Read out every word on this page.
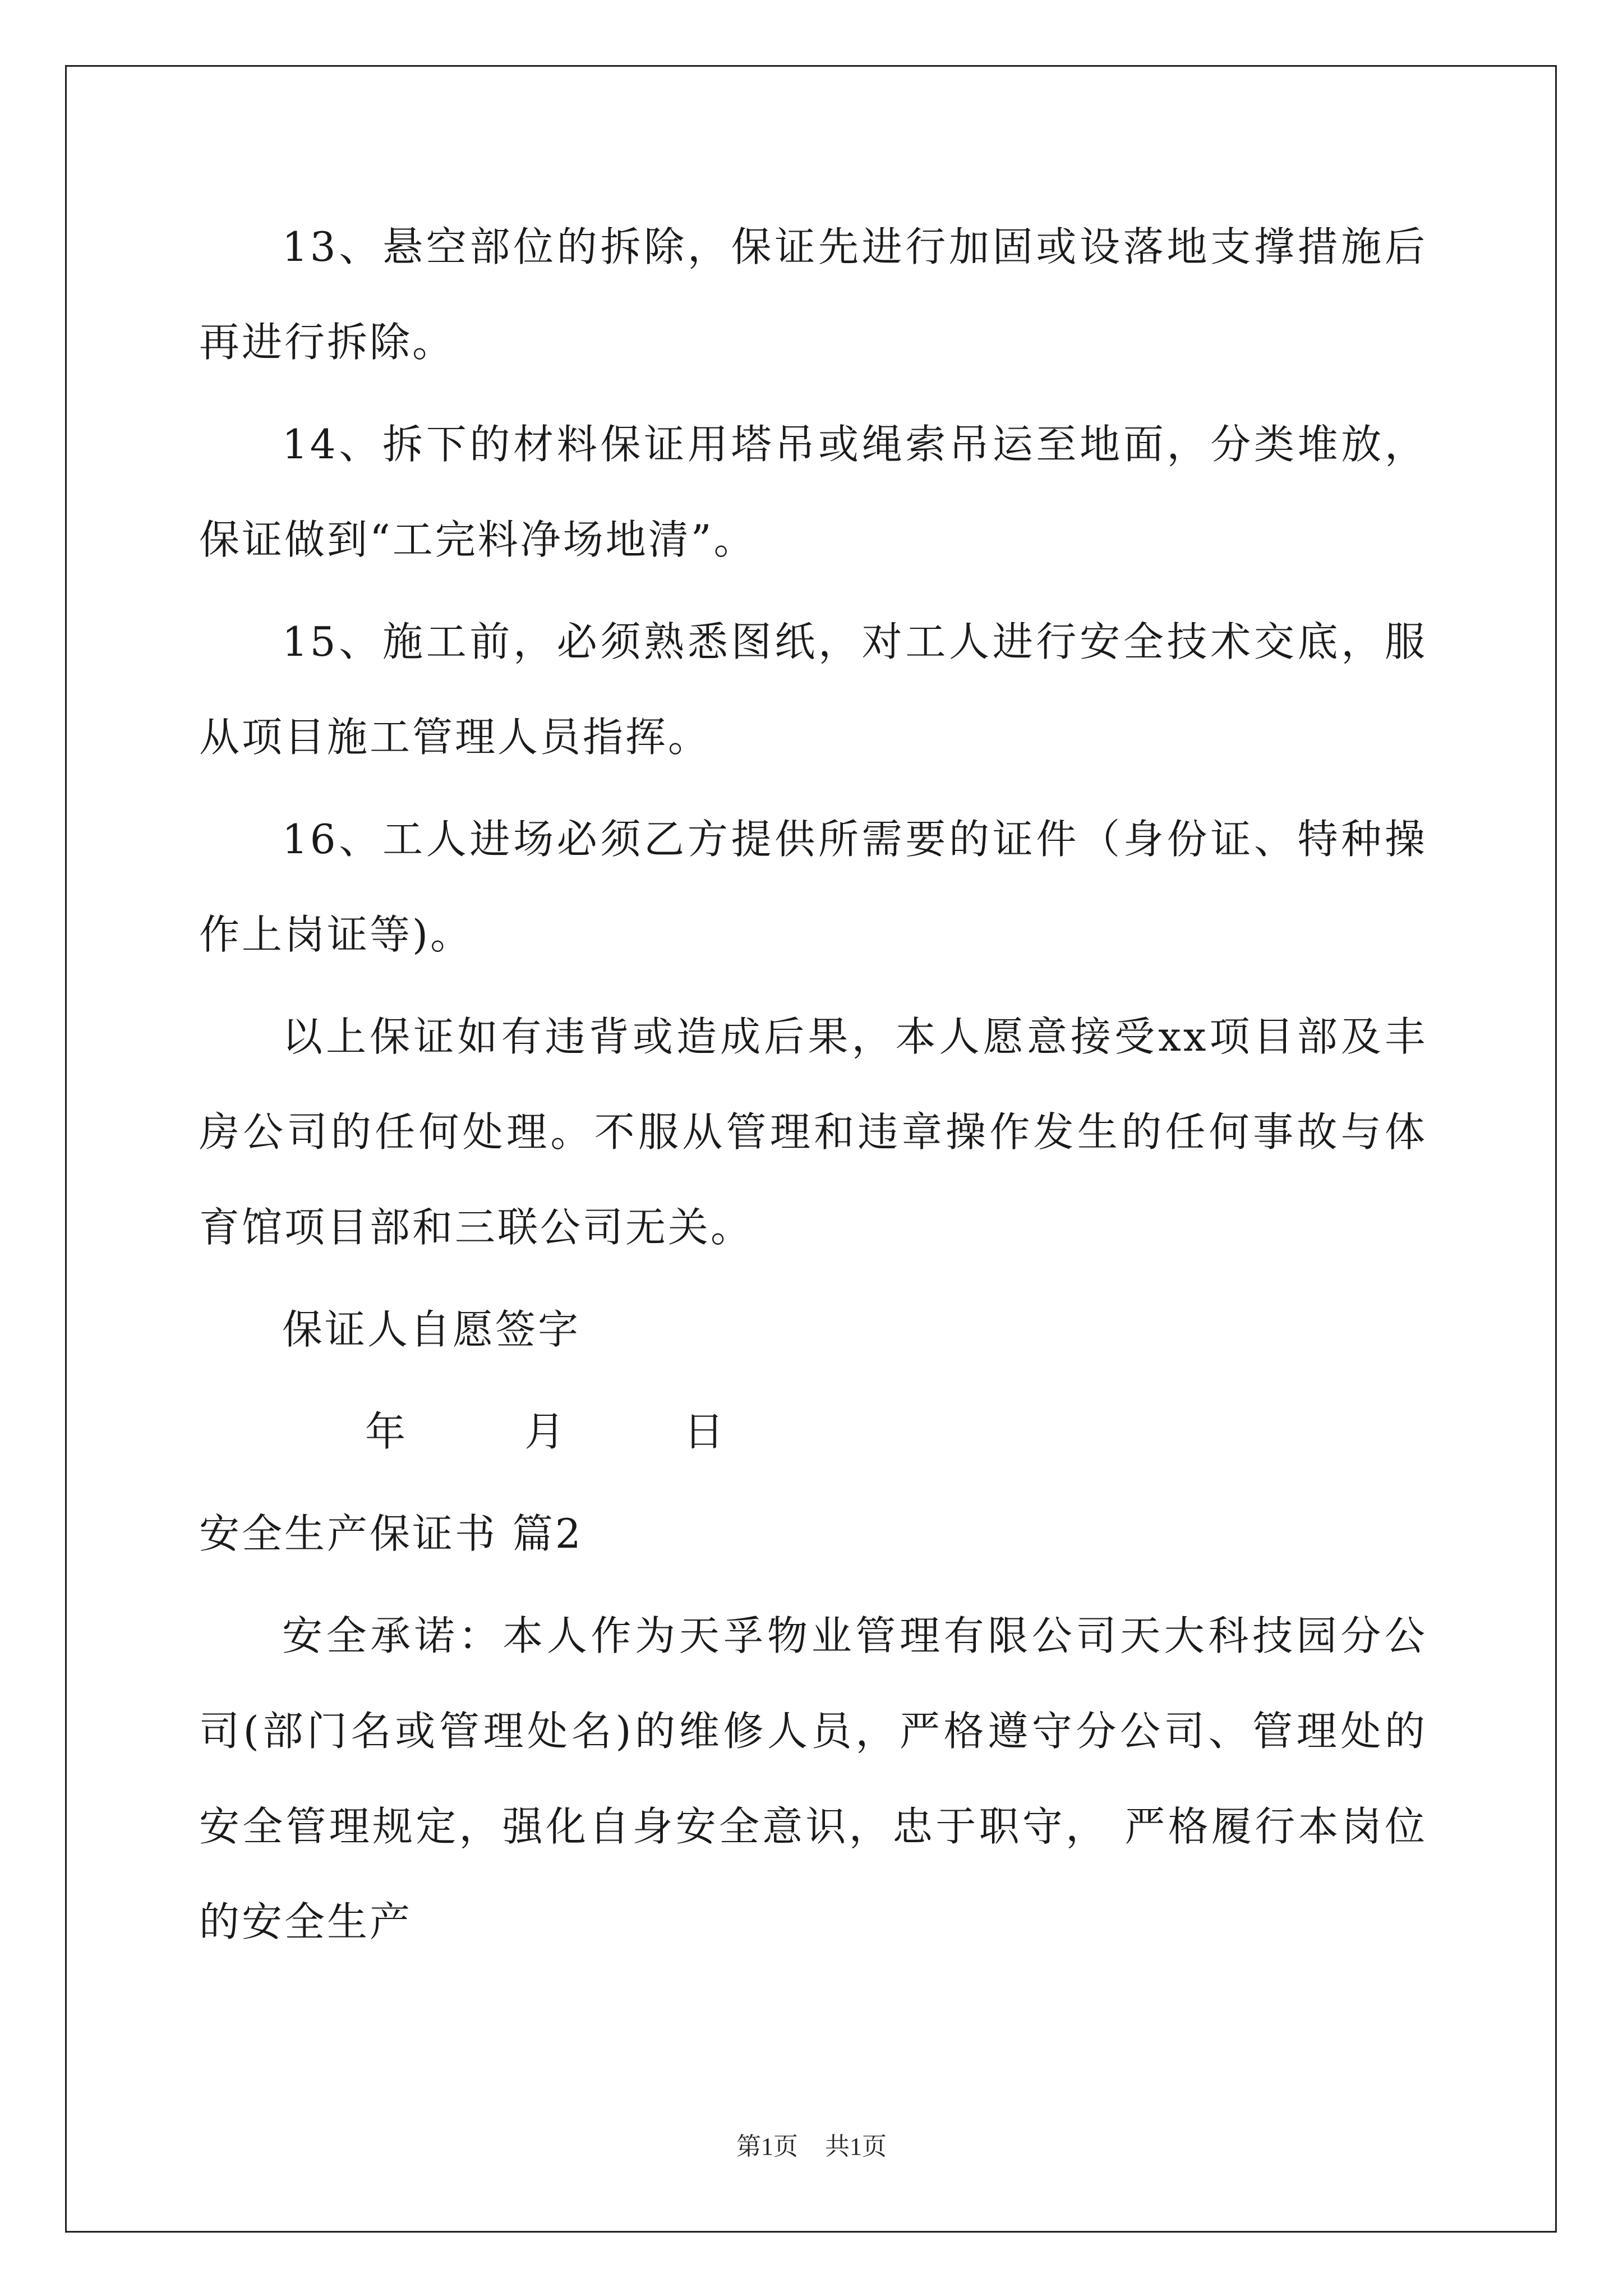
13、悬空部位的拆除，保证先进行加固或设落地支撑措施后再进行拆除。

14、拆下的材料保证用塔吊或绳索吊运至地面，分类堆放，保证做到“工完料净场地清”。

15、施工前，必须熟悉图纸，对工人进行安全技术交底，服从项目施工管理人员指挥。

16、工人进场必须乙方提供所需要的证件（身份证、特种操作上岗证等)。

以上保证如有违背或造成后果，本人愿意接受xx项目部及丰房公司的任何处理。不服从管理和违章操作发生的任何事故与体育馆项目部和三联公司无关。

保证人自愿签字

年	月	日

安全生产保证书 篇2

安全承诺：本人作为天孚物业管理有限公司天大科技园分公司(部门名或管理处名)的维修人员，严格遵守分公司、管理处的安全管理规定，强化自身安全意识，忠于职守， 严格履行本岗位的安全生产

第1页 共1页
